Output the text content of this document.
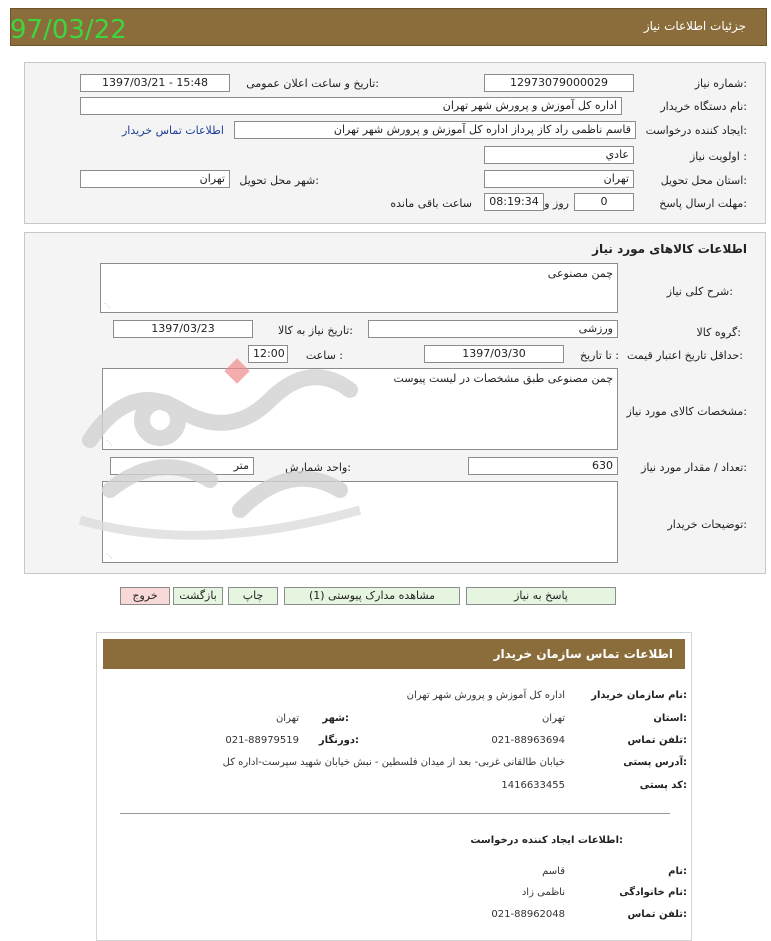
جزئیات اطلاعات نیاز
97/03/22
شماره نیاز:
12973079000029
تاریخ و ساعت اعلان عمومی:
1397/03/21 - 15:48
نام دستگاه خریدار:
اداره کل آموزش و پرورش شهر تهران
ایجاد کننده درخواست:
قاسم ناظمی راد کاز پرداز اداره کل آموزش و پرورش شهر تهران
اطلاعات تماس خریدار
اولویت نیاز :
عادي
استان محل تحویل:
تهران
شهر محل تحویل:
تهران
مهلت ارسال پاسخ:
0
روز و
08:19:34
ساعت باقی مانده
اطلاعات کالاهای مورد نیاز
شرح کلی نیاز:
چمن مصنوعی
⋰
گروه کالا:
ورزشی
تاریخ نیاز به کالا:
1397/03/23
حداقل تاریخ اعتبار قیمت:
تا تاریخ :
1397/03/30
ساعت :
12:00
مشخصات کالای مورد نیاز:
چمن مصنوعی طبق مشخصات در لیست پیوست
⋰
تعداد / مقدار مورد نیاز:
630
واحد شمارش:
متر
توضیحات خریدار:
⋰
پاسخ به نیاز
مشاهده مدارک پیوستی (1)
چاپ
بازگشت
خروج
اطلاعات تماس سازمان خریدار
نام سازمان خریدار:
اداره کل آموزش و پرورش شهر تهران
استان:
تهران
شهر:
تهران
تلفن تماس:
021-88963694
دورنگار:
021-88979519
آدرس پستی:
خیابان طالقانی غربی- بعد از میدان فلسطین - نبش خیابان شهید سپرست-اداره کل
کد پستی:
1416633455
اطلاعات ایجاد کننده درخواست:
نام:
قاسم
نام خانوادگی:
ناظمی زاد
تلفن تماس:
021-88962048
